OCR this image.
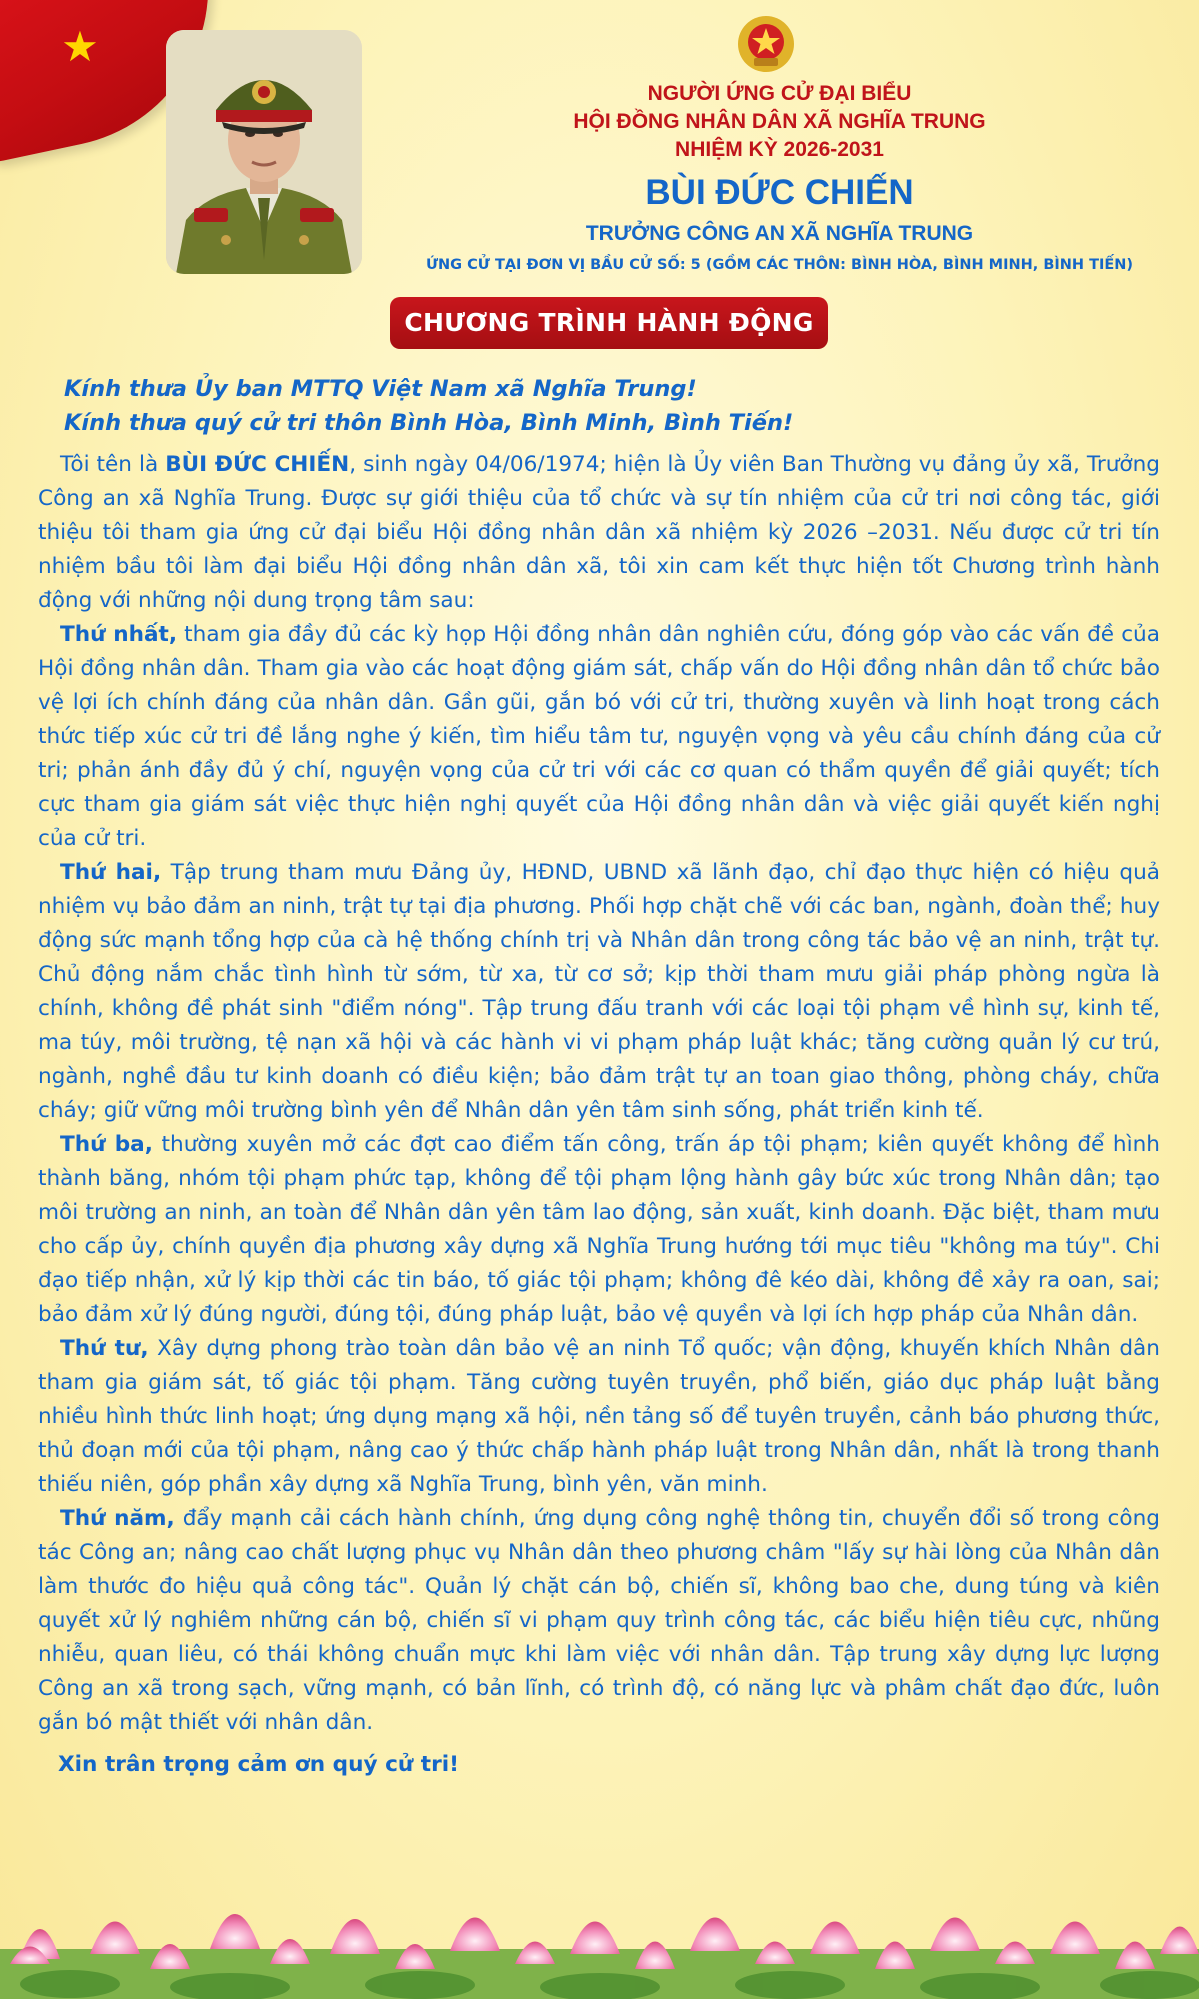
★
NGƯỜI ỨNG CỬ ĐẠI BIỂU
HỘI ĐỒNG NHÂN DÂN XÃ NGHĨA TRUNG
NHIỆM KỲ 2026-2031
BÙI ĐỨC CHIẾN
TRƯỞNG CÔNG AN XÃ NGHĨA TRUNG
ỨNG CỬ TẠI ĐƠN VỊ BẦU CỬ SỐ: 5 (GỒM CÁC THÔN: BÌNH HÒA, BÌNH MINH, BÌNH TIẾN)
CHƯƠNG TRÌNH HÀNH ĐỘNG
Kính thưa Ủy ban MTTQ Việt Nam xã Nghĩa Trung!
Kính thưa quý cử tri thôn Bình Hòa, Bình Minh, Bình Tiến!

Tôi tên là BÙI ĐỨC CHIẾN, sinh ngày 04/06/1974; hiện là Ủy viên Ban Thường vụ đảng ủy xã, Trưởng Công an xã Nghĩa Trung. Được sự giới thiệu của tổ chức và sự tín nhiệm của cử tri nơi công tác, giới thiệu tôi tham gia ứng cử đại biểu Hội đồng nhân dân xã nhiệm kỳ 2026 –2031. Nếu được cử tri tín nhiệm bầu tôi làm đại biểu Hội đồng nhân dân xã, tôi xin cam kết thực hiện tốt Chương trình hành động với những nội dung trọng tâm sau:

Thứ nhất, tham gia đầy đủ các kỳ họp Hội đồng nhân dân nghiên cứu, đóng góp vào các vấn đề của Hội đồng nhân dân. Tham gia vào các hoạt động giám sát, chấp vấn do Hội đồng nhân dân tổ chức bảo vệ lợi ích chính đáng của nhân dân. Gần gũi, gắn bó với cử tri, thường xuyên và linh hoạt trong cách thức tiếp xúc cử tri đề lắng nghe ý kiến, tìm hiểu tâm tư, nguyện vọng và yêu cầu chính đáng của cử tri; phản ánh đầy đủ ý chí, nguyện vọng của cử tri với các cơ quan có thẩm quyền để giải quyết; tích cực tham gia giám sát việc thực hiện nghị quyết của Hội đồng nhân dân và việc giải quyết kiến nghị của cử tri.

Thứ hai, Tập trung tham mưu Đảng ủy, HĐND, UBND xã lãnh đạo, chỉ đạo thực hiện có hiệu quả nhiệm vụ bảo đảm an ninh, trật tự tại địa phương. Phối hợp chặt chẽ với các ban, ngành, đoàn thể; huy động sức mạnh tổng hợp của cà hệ thống chính trị và Nhân dân trong công tác bảo vệ an ninh, trật tự. Chủ động nắm chắc tình hình từ sớm, từ xa, từ cơ sở; kịp thời tham mưu giải pháp phòng ngừa là chính, không đề phát sinh "điểm nóng". Tập trung đấu tranh với các loại tội phạm về hình sự, kinh tế, ma túy, môi trường, tệ nạn xã hội và các hành vi vi phạm pháp luật khác; tăng cường quản lý cư trú, ngành, nghề đầu tư kinh doanh có điều kiện; bảo đảm trật tự an toan giao thông, phòng cháy, chữa cháy; giữ vững môi trường bình yên để Nhân dân yên tâm sinh sống, phát triển kinh tế.

Thứ ba, thường xuyên mở các đợt cao điểm tấn công, trấn áp tội phạm; kiên quyết không để hình thành băng, nhóm tội phạm phức tạp, không để tội phạm lộng hành gây bức xúc trong Nhân dân; tạo môi trường an ninh, an toàn để Nhân dân yên tâm lao động, sản xuất, kinh doanh. Đặc biệt, tham mưu cho cấp ủy, chính quyền địa phương xây dựng xã Nghĩa Trung hướng tới mục tiêu "không ma túy". Chi đạo tiếp nhận, xử lý kịp thời các tin báo, tố giác tội phạm; không đê kéo dài, không đề xảy ra oan, sai; bảo đảm xử lý đúng người, đúng tội, đúng pháp luật, bảo vệ quyền và lợi ích hợp pháp của Nhân dân.

Thứ tư, Xây dựng phong trào toàn dân bảo vệ an ninh Tổ quốc; vận động, khuyến khích Nhân dân tham gia giám sát, tố giác tội phạm. Tăng cường tuyên truyền, phổ biến, giáo dục pháp luật bằng nhiều hình thức linh hoạt; ứng dụng mạng xã hội, nền tảng số để tuyên truyền, cảnh báo phương thức, thủ đoạn mới của tội phạm, nâng cao ý thức chấp hành pháp luật trong Nhân dân, nhất là trong thanh thiếu niên, góp phần xây dựng xã Nghĩa Trung, bình yên, văn minh.

Thứ năm, đẩy mạnh cải cách hành chính, ứng dụng công nghệ thông tin, chuyển đổi số trong công tác Công an; nâng cao chất lượng phục vụ Nhân dân theo phương châm "lấy sự hài lòng của Nhân dân làm thước đo hiệu quả công tác". Quản lý chặt cán bộ, chiến sĩ, không bao che, dung túng và kiên quyết xử lý nghiêm những cán bộ, chiến sĩ vi phạm quy trình công tác, các biểu hiện tiêu cực, nhũng nhiễu, quan liêu, có thái không chuẩn mực khi làm việc với nhân dân. Tập trung xây dựng lực lượng Công an xã trong sạch, vững mạnh, có bản lĩnh, có trình độ, có năng lực và phâm chất đạo đức, luôn gắn bó mật thiết với nhân dân.

Xin trân trọng cảm ơn quý cử tri!
